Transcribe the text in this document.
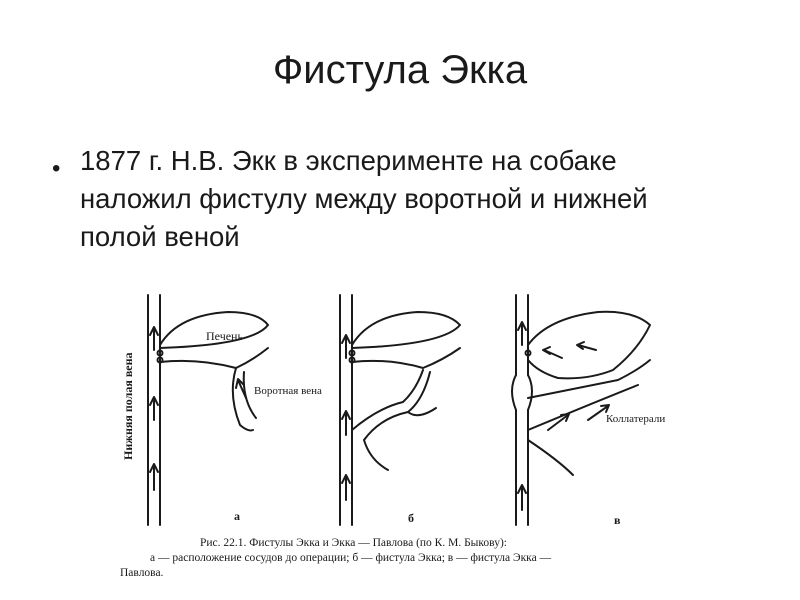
Фистула Экка
• 1877 г. Н.В. Экк в эксперименте на собаке наложил фистулу между воротной и нижней полой веной
Нижняя полая вена
Печень
Воротная вена
а	б
Коллатерали
в
Рис. 22.1. Фистулы Экка и Экка — Павлова (по К. М. Быкову):
а — расположение сосудов до операции; б — фистула Экка; в — фистула Экка —
Павлова.
